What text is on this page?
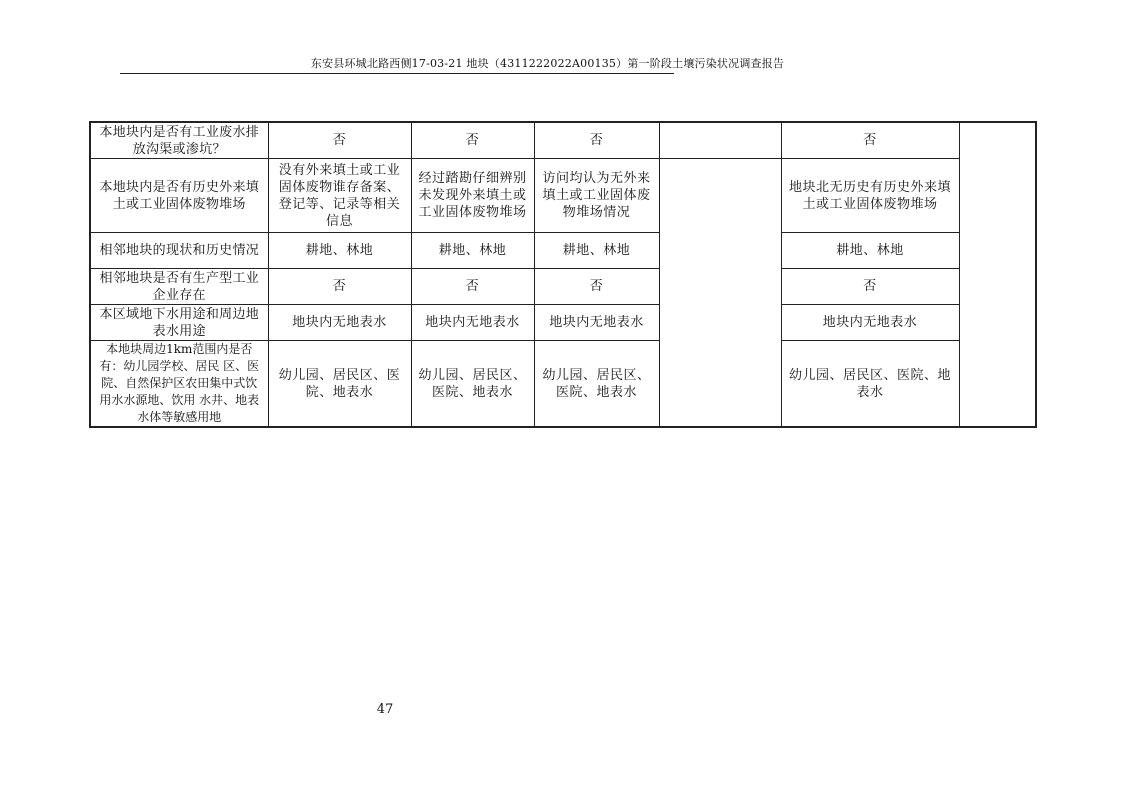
东安县环城北路西侧17-03-21 地块（4311222022A00135）第一阶段土壤污染状况调查报告
本地块内是否有工业废水排放沟渠或渗坑？	否	否	否		否	
本地块内是否有历史外来填土或工业固体废物堆场	没有外来填土或工业固体废物谁存备案、登记等、记录等相关信息	经过踏勘仔细辨别未发现外来填土或工业固体废物堆场	访问均认为无外来填土或工业固体废物堆场情况		地块北无历史有历史外来填土或工业固体废物堆场	
相邻地块的现状和历史情况	耕地、林地	耕地、林地	耕地、林地		耕地、林地	
相邻地块是否有生产型工业企业存在	否	否	否		否	
本区域地下水用途和周边地表水用途	地块内无地表水	地块内无地表水	地块内无地表水		地块内无地表水	
本地块周边1km范围内是否有：幼儿园学校、居民 区、医院、自然保护区农田集中式饮用水水源地、饮用 水井、地表水体等敏感用地	幼儿园、居民区、医院、地表水	幼儿园、居民区、医院、地表水	幼儿园、居民区、医院、地表水		幼儿园、居民区、医院、地表水	
47
